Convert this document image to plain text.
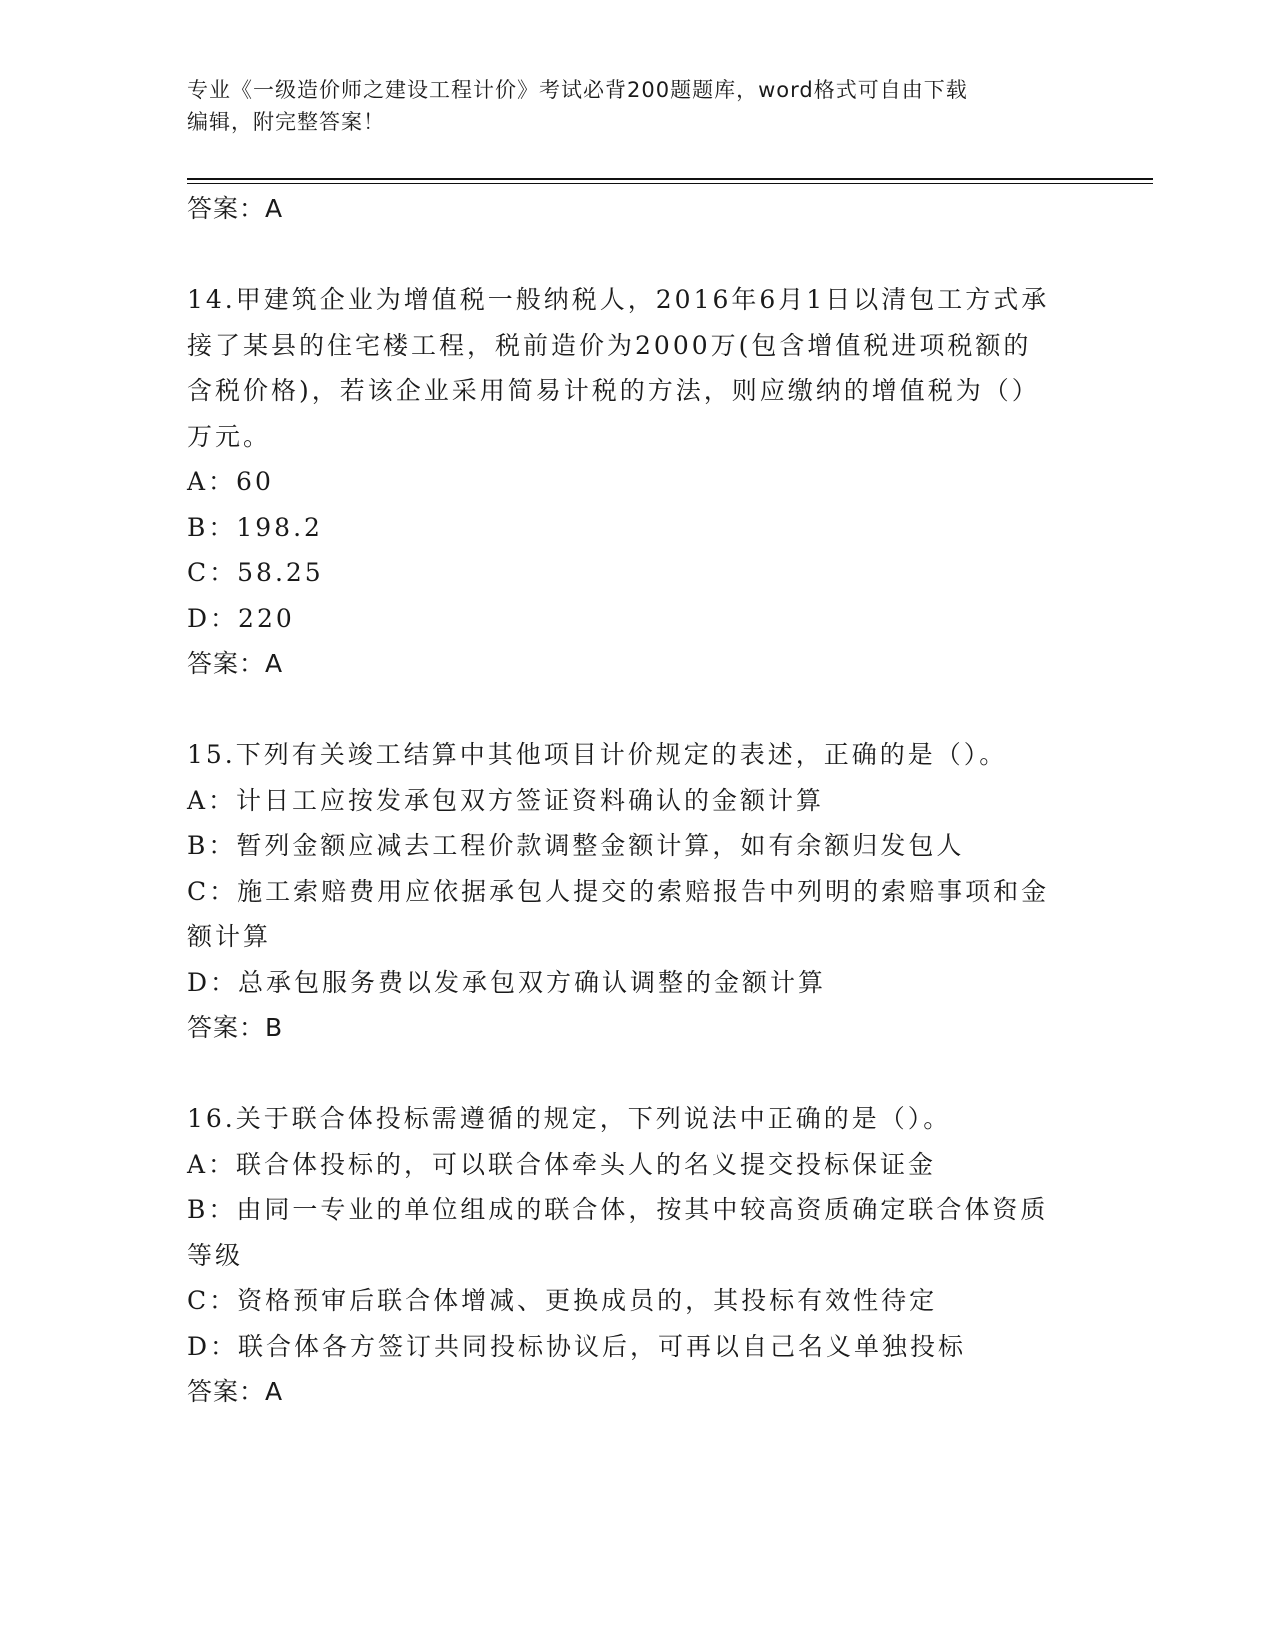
专业《一级造价师之建设工程计价》考试必背200题题库，word格式可自由下载
编辑，附完整答案！
答案：A
14.甲建筑企业为增值税一般纳税人，2016年6月1日以清包工方式承
接了某县的住宅楼工程，税前造价为2000万(包含增值税进项税额的
含税价格)，若该企业采用简易计税的方法，则应缴纳的增值税为（）
万元。
A：60
B：198.2
C：58.25
D：220
答案：A
15.下列有关竣工结算中其他项目计价规定的表述，正确的是（）。
A：计日工应按发承包双方签证资料确认的金额计算
B：暂列金额应减去工程价款调整金额计算，如有余额归发包人
C：施工索赔费用应依据承包人提交的索赔报告中列明的索赔事项和金
额计算
D：总承包服务费以发承包双方确认调整的金额计算
答案：B
16.关于联合体投标需遵循的规定，下列说法中正确的是（）。
A：联合体投标的，可以联合体牵头人的名义提交投标保证金
B：由同一专业的单位组成的联合体，按其中较高资质确定联合体资质
等级
C：资格预审后联合体增减、更换成员的，其投标有效性待定
D：联合体各方签订共同投标协议后，可再以自己名义单独投标
答案：A
